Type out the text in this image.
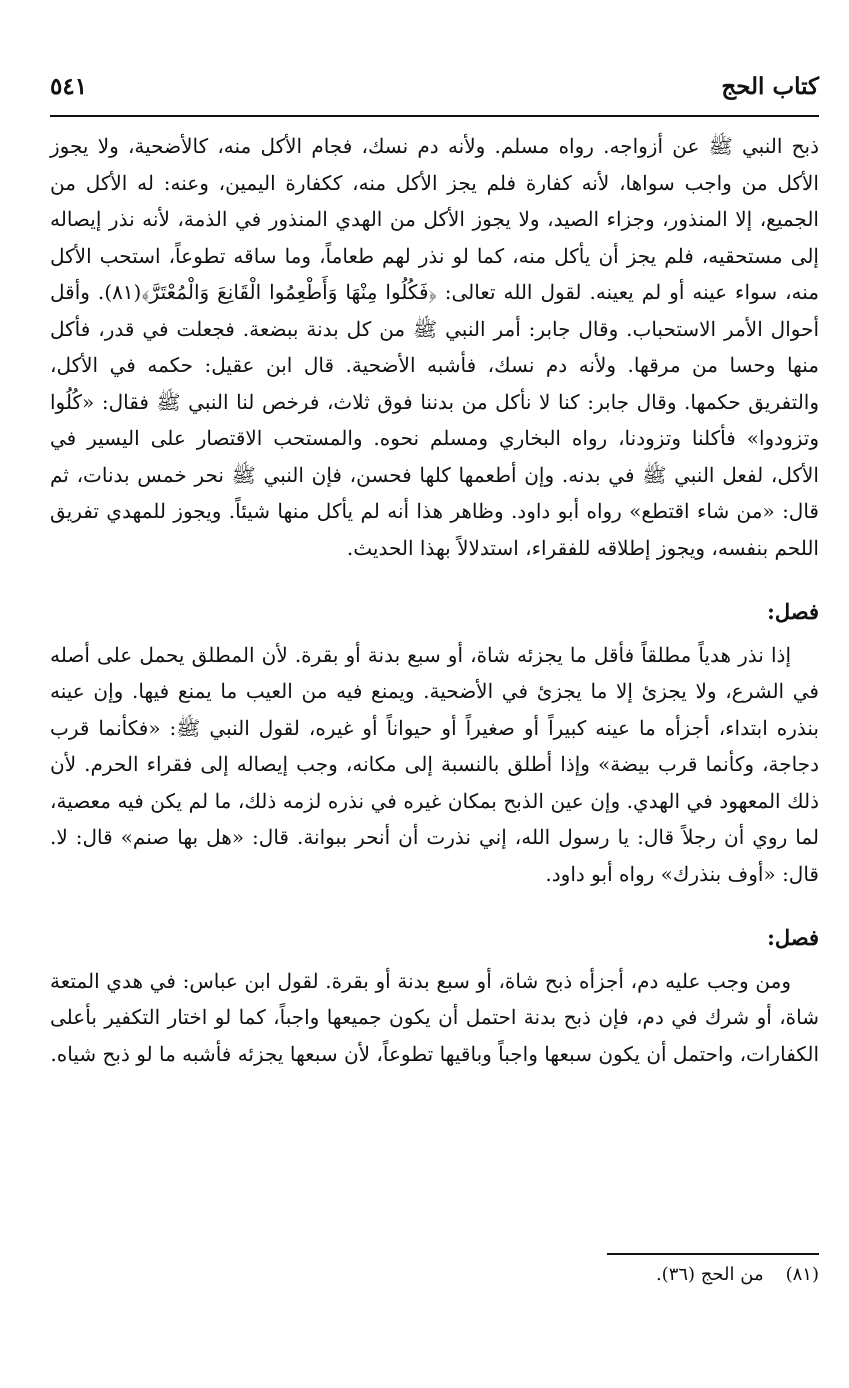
٥٤١	كتاب الحج

ذبح النبي ﷺ عن أزواجه. رواه مسلم. ولأنه دم نسك، فجام الأكل منه، كالأضحية، ولا يجوز الأكل من واجب سواها، لأنه كفارة فلم يجز الأكل منه، ككفارة اليمين، وعنه: له الأكل من الجميع، إلا المنذور، وجزاء الصيد، ولا يجوز الأكل من الهدي المنذور في الذمة، لأنه نذر إيصاله إلى مستحقيه، فلم يجز أن يأكل منه، كما لو نذر لهم طعاماً، وما ساقه تطوعاً، استحب الأكل منه، سواء عينه أو لم يعينه. لقول الله تعالى: ﴿فَكُلُوا مِنْهَا وَأَطْعِمُوا الْقَانِعَ وَالْمُعْتَرَّ﴾(٨١). وأقل أحوال الأمر الاستحباب. وقال جابر: أمر النبي ﷺ من كل بدنة ببضعة. فجعلت في قدر، فأكل منها وحسا من مرقها. ولأنه دم نسك، فأشبه الأضحية. قال ابن عقيل: حكمه في الأكل، والتفريق حكمها. وقال جابر: كنا لا نأكل من بدننا فوق ثلاث، فرخص لنا النبي ﷺ فقال: «كُلُوا وتزودوا» فأكلنا وتزودنا، رواه البخاري ومسلم نحوه. والمستحب الاقتصار على اليسير في الأكل، لفعل النبي ﷺ في بدنه. وإن أطعمها كلها فحسن، فإن النبي ﷺ نحر خمس بدنات، ثم قال: «من شاء اقتطع» رواه أبو داود. وظاهر هذا أنه لم يأكل منها شيئاً. ويجوز للمهدي تفريق اللحم بنفسه، ويجوز إطلاقه للفقراء، استدلالاً بهذا الحديث.

فصل:

إذا نذر هدياً مطلقاً فأقل ما يجزئه شاة، أو سبع بدنة أو بقرة. لأن المطلق يحمل على أصله في الشرع، ولا يجزئ إلا ما يجزئ في الأضحية. ويمنع فيه من العيب ما يمنع فيها. وإن عينه بنذره ابتداء، أجزأه ما عينه كبيراً أو صغيراً أو حيواناً أو غيره، لقول النبي ﷺ: «فكأنما قرب دجاجة، وكأنما قرب بيضة» وإذا أطلق بالنسبة إلى مكانه، وجب إيصاله إلى فقراء الحرم. لأن ذلك المعهود في الهدي. وإن عين الذبح بمكان غيره في نذره لزمه ذلك، ما لم يكن فيه معصية، لما روي أن رجلاً قال: يا رسول الله، إني نذرت أن أنحر ببوانة. قال: «هل بها صنم» قال: لا. قال: «أوف بنذرك» رواه أبو داود.

فصل:

ومن وجب عليه دم، أجزأه ذبح شاة، أو سبع بدنة أو بقرة. لقول ابن عباس: في هدي المتعة شاة، أو شرك في دم، فإن ذبح بدنة احتمل أن يكون جميعها واجباً، كما لو اختار التكفير بأعلى الكفارات، واحتمل أن يكون سبعها واجباً وباقيها تطوعاً، لأن سبعها يجزئه فأشبه ما لو ذبح شياه.

(٨١)
من الحج (٣٦).
